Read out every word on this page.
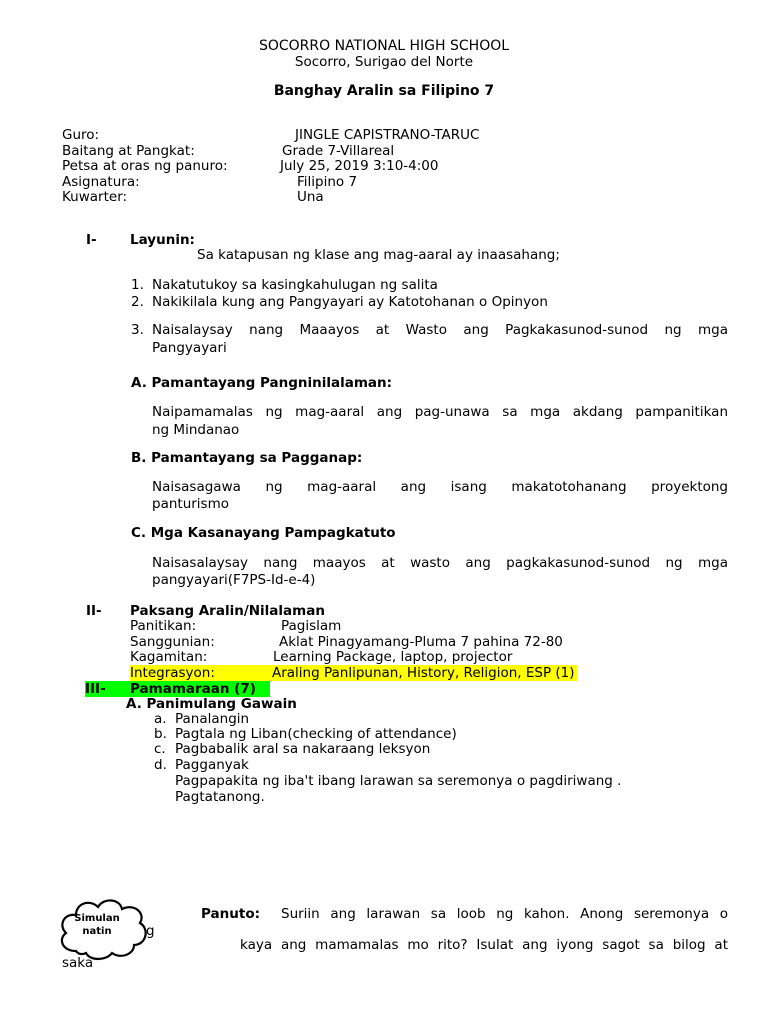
SOCORRO NATIONAL HIGH SCHOOL
Socorro, Surigao del Norte
Banghay Aralin sa Filipino 7
Guro:	JINGLE CAPISTRANO-TARUC
Baitang at Pangkat:	Grade 7-Villareal
Petsa at oras ng panuro:	July 25, 2019 3:10-4:00
Asignatura:	Filipino 7
Kuwarter:	Una
I- Layunin:
Sa katapusan ng klase ang mag-aaral ay inaasahang;
1. Nakatutukoy sa kasingkahulugan ng salita
2. Nakikilala kung ang Pangyayari ay Katotohanan o Opinyon
3. Naisalaysay nang Maaayos at Wasto ang Pagkakasunod-sunod ng mga
Pangyayari
A. Pamantayang Pangninilalaman:
Naipamamalas ng mag-aaral ang pag-unawa sa mga akdang pampanitikan
ng Mindanao
B. Pamantayang sa Pagganap:
Naisasagawa ng mag-aaral ang isang makatotohanang proyektong
panturismo
C. Mga Kasanayang Pampagkatuto
Naisasalaysay nang maayos at wasto ang pagkakasunod-sunod ng mga
pangyayari(F7PS-Id-e-4)
II- Paksang Aralin/Nilalaman
Panitikan:	Pagislam
Sanggunian:	Aklat Pinagyamang-Pluma 7 pahina 72-80
Kagamitan:	Learning Package, laptop, projector
Integrasyon:	Araling Panlipunan, History, Religion, ESP (1)
III- Pamamaraan (7)
A. Panimulang Gawain
a. Panalangin
b. Pagtala ng Liban(checking of attendance)
c. Pagbabalik aral sa nakaraang leksyon
d. Pagganyak
Pagpapakita ng iba't ibang larawan sa seremonya o pagdiriwang .
Pagtatanong.
Simulan
natin	g
saka
Panuto: Suriin ang larawan sa loob ng kahon. Anong seremonya o
kaya ang mamamalas mo rito? Isulat ang iyong sagot sa bilog at
